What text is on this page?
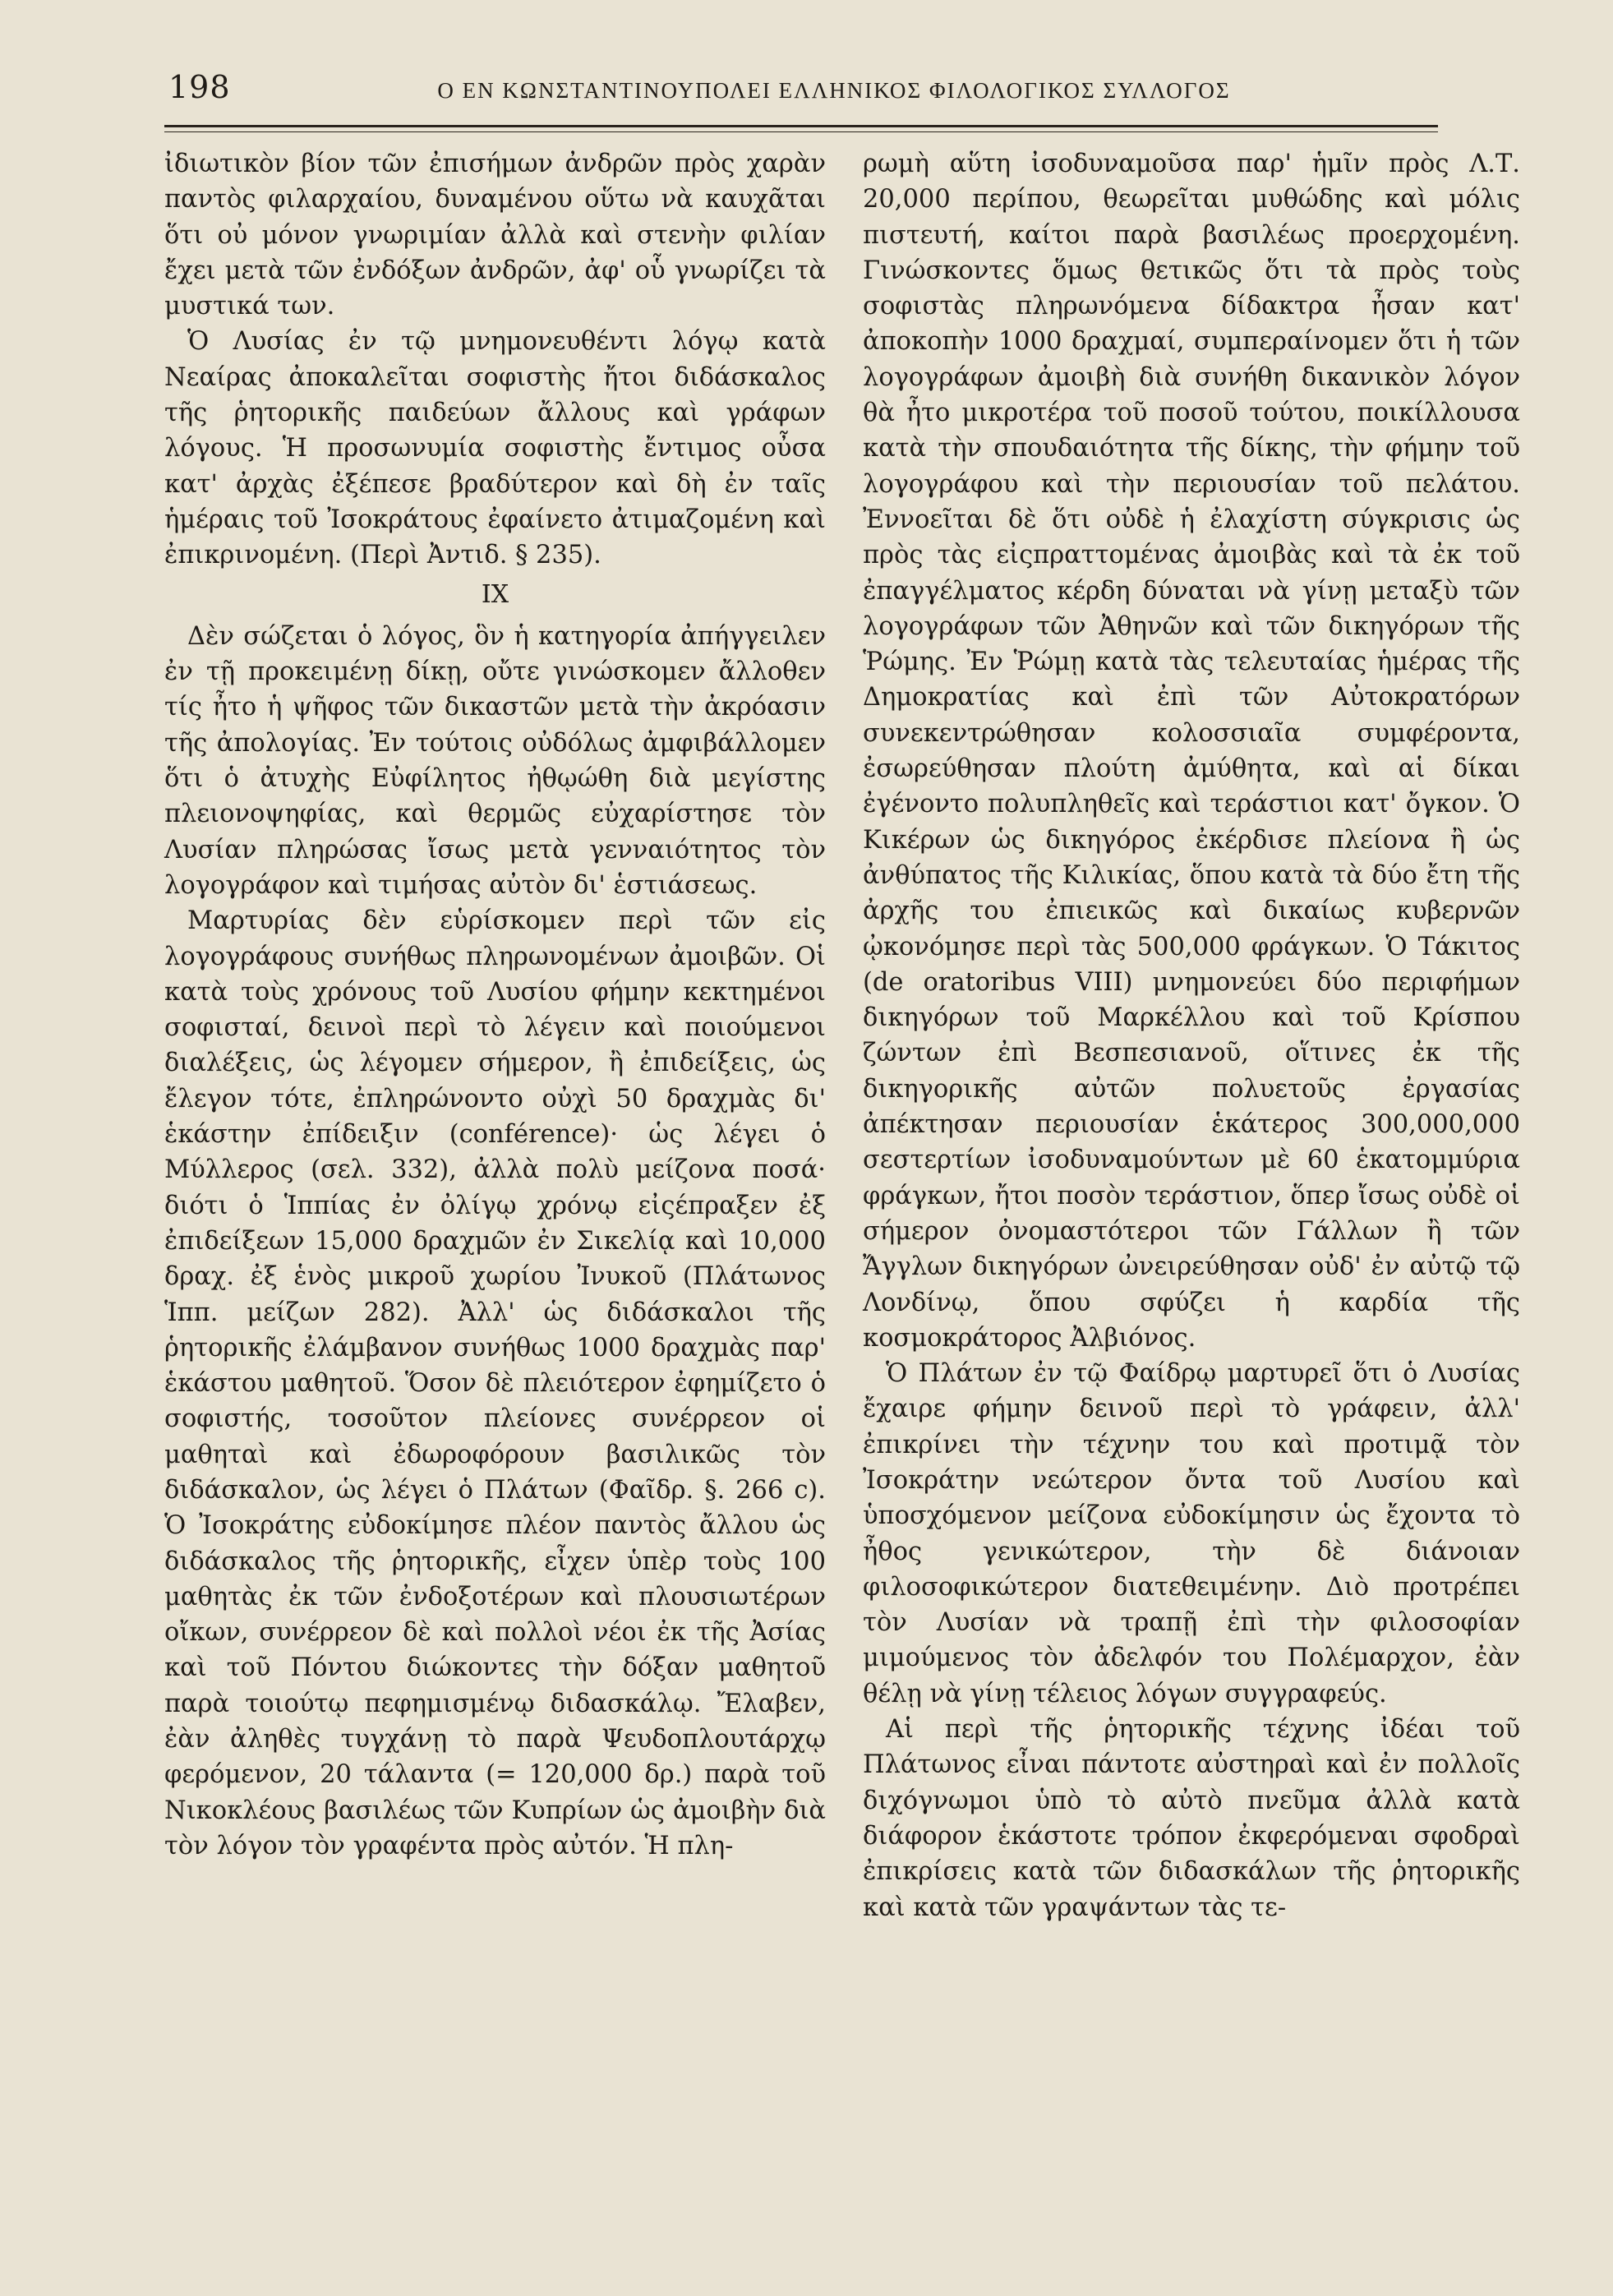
198	Ο ΕΝ ΚΩΝΣΤΑΝΤΙΝΟΥΠΟΛΕΙ ΕΛΛΗΝΙΚΟΣ ΦΙΛΟΛΟΓΙΚΟΣ ΣΥΛΛΟΓΟΣ

ἰδιωτικὸν βίον τῶν ἐπισήμων ἀνδρῶν πρὸς χαρὰν παντὸς φιλαρχαίου, δυναμένου οὕτω νὰ καυχᾶται ὅτι οὐ μόνον γνωριμίαν ἀλλὰ καὶ στενὴν φιλίαν ἔχει μετὰ τῶν ἐνδόξων ἀνδρῶν, ἀφ' οὗ γνωρίζει τὰ μυστικά των.

Ὁ Λυσίας ἐν τῷ μνημονευθέντι λόγῳ κατὰ Νεαίρας ἀποκαλεῖται σοφιστὴς ἤτοι διδάσκαλος τῆς ῥητορικῆς παιδεύων ἄλλους καὶ γράφων λόγους. Ἡ προσωνυμία σοφιστὴς ἔντιμος οὖσα κατ' ἀρχὰς ἐξέπεσε βραδύτερον καὶ δὴ ἐν ταῖς ἡμέραις τοῦ Ἰσοκράτους ἐφαίνετο ἀτιμαζομένη καὶ ἐπικρινομένη. (Περὶ Ἀντιδ. § 235).

IX

Δὲν σώζεται ὁ λόγος, ὃν ἡ κατηγορία ἀπήγγειλεν ἐν τῇ προκειμένῃ δίκῃ, οὔτε γινώσκομεν ἄλλοθεν τίς ἦτο ἡ ψῆφος τῶν δικαστῶν μετὰ τὴν ἀκρόασιν τῆς ἀπολογίας. Ἐν τούτοις οὐδόλως ἀμφιβάλλομεν ὅτι ὁ ἀτυχὴς Εὐφίλητος ἠθῳώθη διὰ μεγίστης πλειονοψηφίας, καὶ θερμῶς εὐχαρίστησε τὸν Λυσίαν πληρώσας ἴσως μετὰ γενναιότητος τὸν λογογράφον καὶ τιμήσας αὐτὸν δι' ἑστιάσεως.

Μαρτυρίας δὲν εὑρίσκομεν περὶ τῶν εἰς λογογράφους συνήθως πληρωνομένων ἀμοιβῶν. Οἱ κατὰ τοὺς χρόνους τοῦ Λυσίου φήμην κεκτημένοι σοφισταί, δεινοὶ περὶ τὸ λέγειν καὶ ποιούμενοι διαλέξεις, ὡς λέγομεν σήμερον, ἢ ἐπιδείξεις, ὡς ἔλεγον τότε, ἐπληρώνοντο οὐχὶ 50 δραχμὰς δι' ἑκάστην ἐπίδειξιν (conférence)· ὡς λέγει ὁ Μύλλερος (σελ. 332), ἀλλὰ πολὺ μείζονα ποσά· διότι ὁ Ἱππίας ἐν ὀλίγῳ χρόνῳ εἰςέπραξεν ἐξ ἐπιδείξεων 15,000 δραχμῶν ἐν Σικελίᾳ καὶ 10,000 δραχ. ἐξ ἑνὸς μικροῦ χωρίου Ἰνυκοῦ (Πλάτωνος Ἱππ. μείζων 282). Ἀλλ' ὡς διδάσκαλοι τῆς ῥητορικῆς ἐλάμβανον συνήθως 1000 δραχμὰς παρ' ἑκάστου μαθητοῦ. Ὅσον δὲ πλειότερον ἐφημίζετο ὁ σοφιστής, τοσοῦτον πλείονες συνέρρεον οἱ μαθηταὶ καὶ ἐδωροφόρουν βασιλικῶς τὸν διδάσκαλον, ὡς λέγει ὁ Πλάτων (Φαῖδρ. §. 266 c). Ὁ Ἰσοκράτης εὐδοκίμησε πλέον παντὸς ἄλλου ὡς διδάσκαλος τῆς ῥητορικῆς, εἶχεν ὑπὲρ τοὺς 100 μαθητὰς ἐκ τῶν ἐνδοξοτέρων καὶ πλουσιωτέρων οἴκων, συνέρρεον δὲ καὶ πολλοὶ νέοι ἐκ τῆς Ἀσίας καὶ τοῦ Πόντου διώκοντες τὴν δόξαν μαθητοῦ παρὰ τοιούτῳ πεφημισμένῳ διδασκάλῳ. Ἔλαβεν, ἐὰν ἀληθὲς τυγχάνῃ τὸ παρὰ Ψευδοπλουτάρχῳ φερόμενον, 20 τάλαντα (= 120,000 δρ.) παρὰ τοῦ Νικοκλέους βασιλέως τῶν Κυπρίων ὡς ἀμοιβὴν διὰ τὸν λόγον τὸν γραφέντα πρὸς αὐτόν. Ἡ πλη-

ρωμὴ αὕτη ἰσοδυναμοῦσα παρ' ἡμῖν πρὸς Λ.Τ. 20,000 περίπου, θεωρεῖται μυθώδης καὶ μόλις πιστευτή, καίτοι παρὰ βασιλέως προερχομένη. Γινώσκοντες ὅμως θετικῶς ὅτι τὰ πρὸς τοὺς σοφιστὰς πληρωνόμενα δίδακτρα ἦσαν κατ' ἀποκοπὴν 1000 δραχμαί, συμπεραίνομεν ὅτι ἡ τῶν λογογράφων ἀμοιβὴ διὰ συνήθη δικανικὸν λόγον θὰ ἦτο μικροτέρα τοῦ ποσοῦ τούτου, ποικίλλουσα κατὰ τὴν σπουδαιότητα τῆς δίκης, τὴν φήμην τοῦ λογογράφου καὶ τὴν περιουσίαν τοῦ πελάτου. Ἐννοεῖται δὲ ὅτι οὐδὲ ἡ ἐλαχίστη σύγκρισις ὡς πρὸς τὰς εἰςπραττομένας ἀμοιβὰς καὶ τὰ ἐκ τοῦ ἐπαγγέλματος κέρδη δύναται νὰ γίνῃ μεταξὺ τῶν λογογράφων τῶν Ἀθηνῶν καὶ τῶν δικηγόρων τῆς Ῥώμης. Ἐν Ῥώμῃ κατὰ τὰς τελευταίας ἡμέρας τῆς Δημοκρατίας καὶ ἐπὶ τῶν Αὐτοκρατόρων συνεκεντρώθησαν κολοσσιαῖα συμφέροντα, ἐσωρεύθησαν πλούτη ἀμύθητα, καὶ αἱ δίκαι ἐγένοντο πολυπληθεῖς καὶ τεράστιοι κατ' ὄγκον. Ὁ Κικέρων ὡς δικηγόρος ἐκέρδισε πλείονα ἢ ὡς ἀνθύπατος τῆς Κιλικίας, ὅπου κατὰ τὰ δύο ἔτη τῆς ἀρχῆς του ἐπιεικῶς καὶ δικαίως κυβερνῶν ᾠκονόμησε περὶ τὰς 500,000 φράγκων. Ὁ Τάκιτος (de oratoribus VIII) μνημονεύει δύο περιφήμων δικηγόρων τοῦ Μαρκέλλου καὶ τοῦ Κρίσπου ζώντων ἐπὶ Βεσπεσιανοῦ, οἵτινες ἐκ τῆς δικηγορικῆς αὐτῶν πολυετοῦς ἐργασίας ἀπέκτησαν περιουσίαν ἑκάτερος 300,000,000 σεστερτίων ἰσοδυναμούντων μὲ 60 ἑκατομμύρια φράγκων, ἤτοι ποσὸν τεράστιον, ὅπερ ἴσως οὐδὲ οἱ σήμερον ὀνομαστότεροι τῶν Γάλλων ἢ τῶν Ἄγγλων δικηγόρων ὠνειρεύθησαν οὐδ' ἐν αὐτῷ τῷ Λονδίνῳ, ὅπου σφύζει ἡ καρδία τῆς κοσμοκράτορος Ἀλβιόνος.

Ὁ Πλάτων ἐν τῷ Φαίδρῳ μαρτυρεῖ ὅτι ὁ Λυσίας ἔχαιρε φήμην δεινοῦ περὶ τὸ γράφειν, ἀλλ' ἐπικρίνει τὴν τέχνην του καὶ προτιμᾷ τὸν Ἰσοκράτην νεώτερον ὄντα τοῦ Λυσίου καὶ ὑποσχόμενον μείζονα εὐδοκίμησιν ὡς ἔχοντα τὸ ἦθος γενικώτερον, τὴν δὲ διάνοιαν φιλοσοφικώτερον διατεθειμένην. Διὸ προτρέπει τὸν Λυσίαν νὰ τραπῇ ἐπὶ τὴν φιλοσοφίαν μιμούμενος τὸν ἀδελφόν του Πολέμαρχον, ἐὰν θέλῃ νὰ γίνῃ τέλειος λόγων συγγραφεύς.

Αἱ περὶ τῆς ῥητορικῆς τέχνης ἰδέαι τοῦ Πλάτωνος εἶναι πάντοτε αὐστηραὶ καὶ ἐν πολλοῖς διχόγνωμοι ὑπὸ τὸ αὐτὸ πνεῦμα ἀλλὰ κατὰ διάφορον ἑκάστοτε τρόπον ἐκφερόμεναι σφοδραὶ ἐπικρίσεις κατὰ τῶν διδασκάλων τῆς ῥητορικῆς καὶ κατὰ τῶν γραψάντων τὰς τε-
